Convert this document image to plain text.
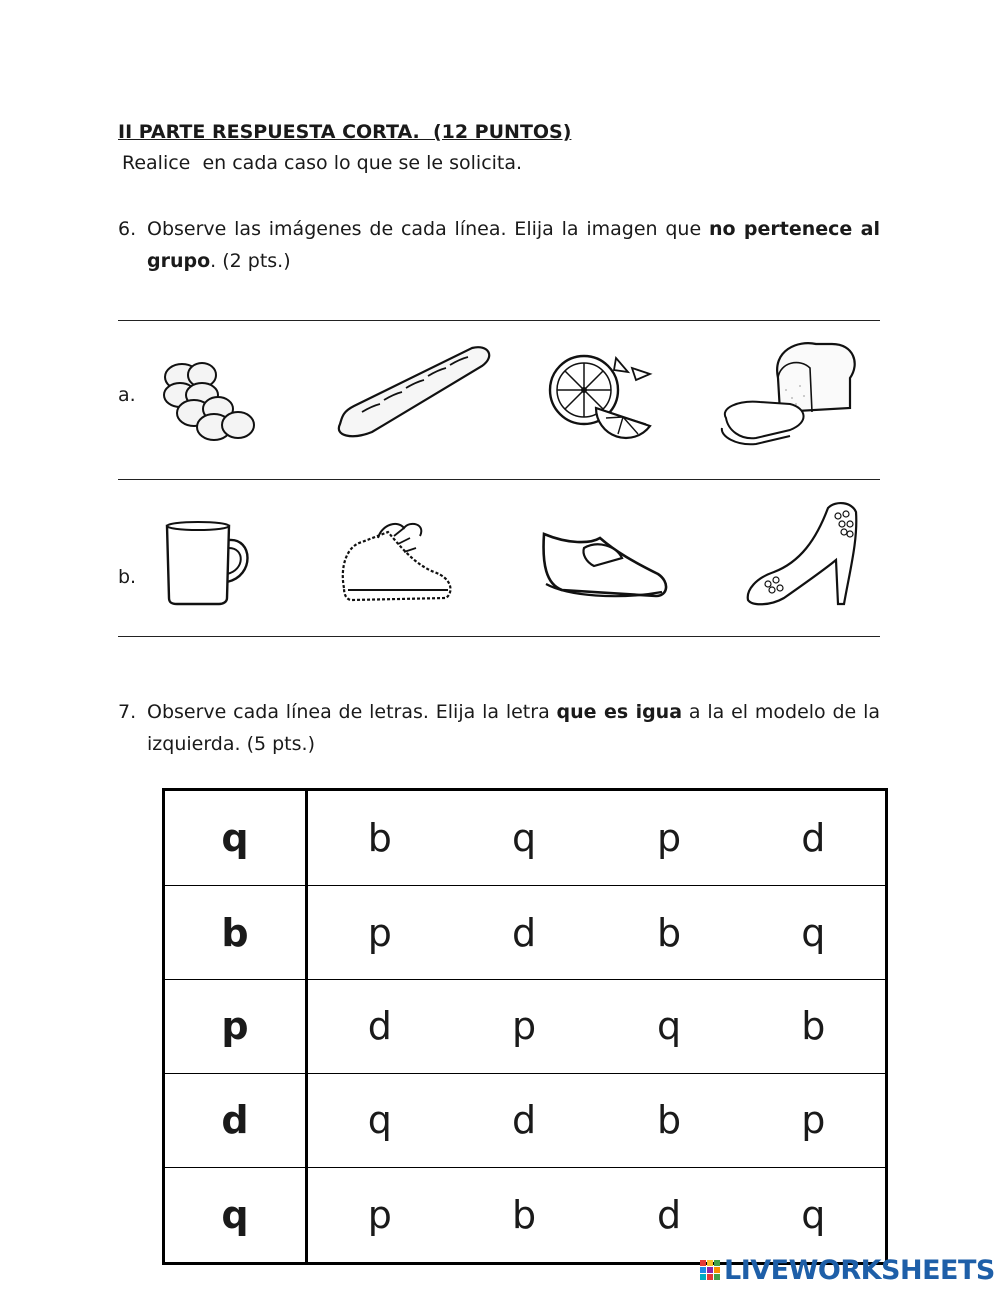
II PARTE RESPUESTA CORTA.  (12 PUNTOS)
Realice  en cada caso lo que se le solicita.
6. Observe las imágenes de cada línea. Elija la imagen que no pertenece al grupo. (2 pts.)
a.
b.
7. Observe cada línea de letras. Elija la letra que es igua a la el modelo de la izquierda. (5 pts.)
q	b	q	p	d
b	p	d	b	q
p	d	p	q	b
d	q	d	b	p
q	p	b	d	q
LIVEWORKSHEETS
